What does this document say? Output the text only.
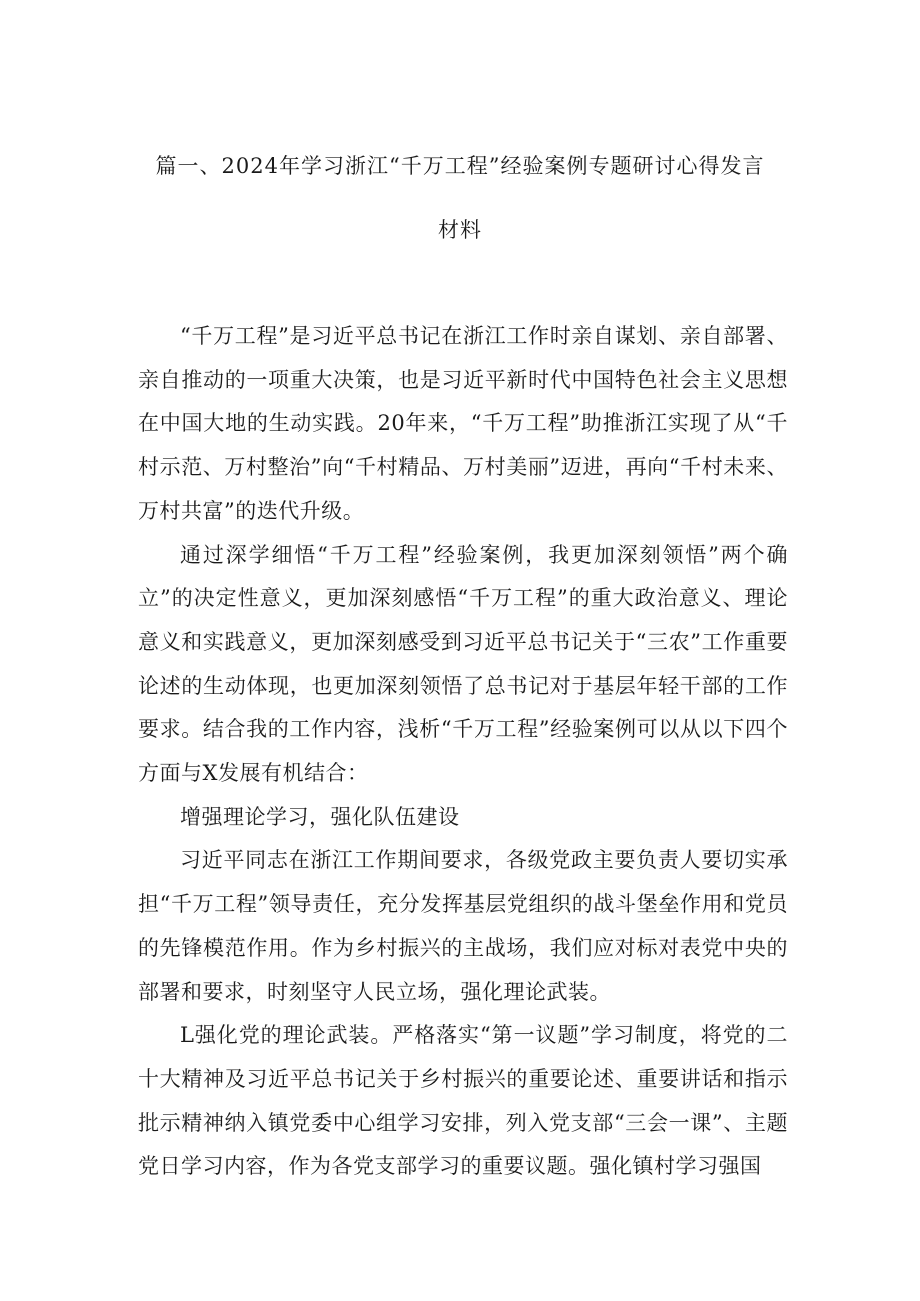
篇一、2024年学习浙江“千万工程”经验案例专题研讨心得发言
材料

“千万工程”是习近平总书记在浙江工作时亲自谋划、亲自部署、亲自推动的一项重大决策，也是习近平新时代中国特色社会主义思想在中国大地的生动实践。20年来，“千万工程”助推浙江实现了从“千村示范、万村整治”向“千村精品、万村美丽”迈进，再向“千村未来、万村共富”的迭代升级。

通过深学细悟“千万工程”经验案例，我更加深刻领悟”两个确立”的决定性意义，更加深刻感悟“千万工程”的重大政治意义、理论意义和实践意义，更加深刻感受到习近平总书记关于“三农”工作重要论述的生动体现，也更加深刻领悟了总书记对于基层年轻干部的工作要求。结合我的工作内容，浅析“千万工程”经验案例可以从以下四个方面与X发展有机结合：

增强理论学习，强化队伍建设

习近平同志在浙江工作期间要求，各级党政主要负责人要切实承担“千万工程”领导责任，充分发挥基层党组织的战斗堡垒作用和党员的先锋模范作用。作为乡村振兴的主战场，我们应对标对表党中央的部署和要求，时刻坚守人民立场，强化理论武装。

L强化党的理论武装。严格落实“第一议题”学习制度，将党的二十大精神及习近平总书记关于乡村振兴的重要论述、重要讲话和指示批示精神纳入镇党委中心组学习安排，列入党支部“三会一课”、主题党日学习内容，作为各党支部学习的重要议题。强化镇村学习强国
